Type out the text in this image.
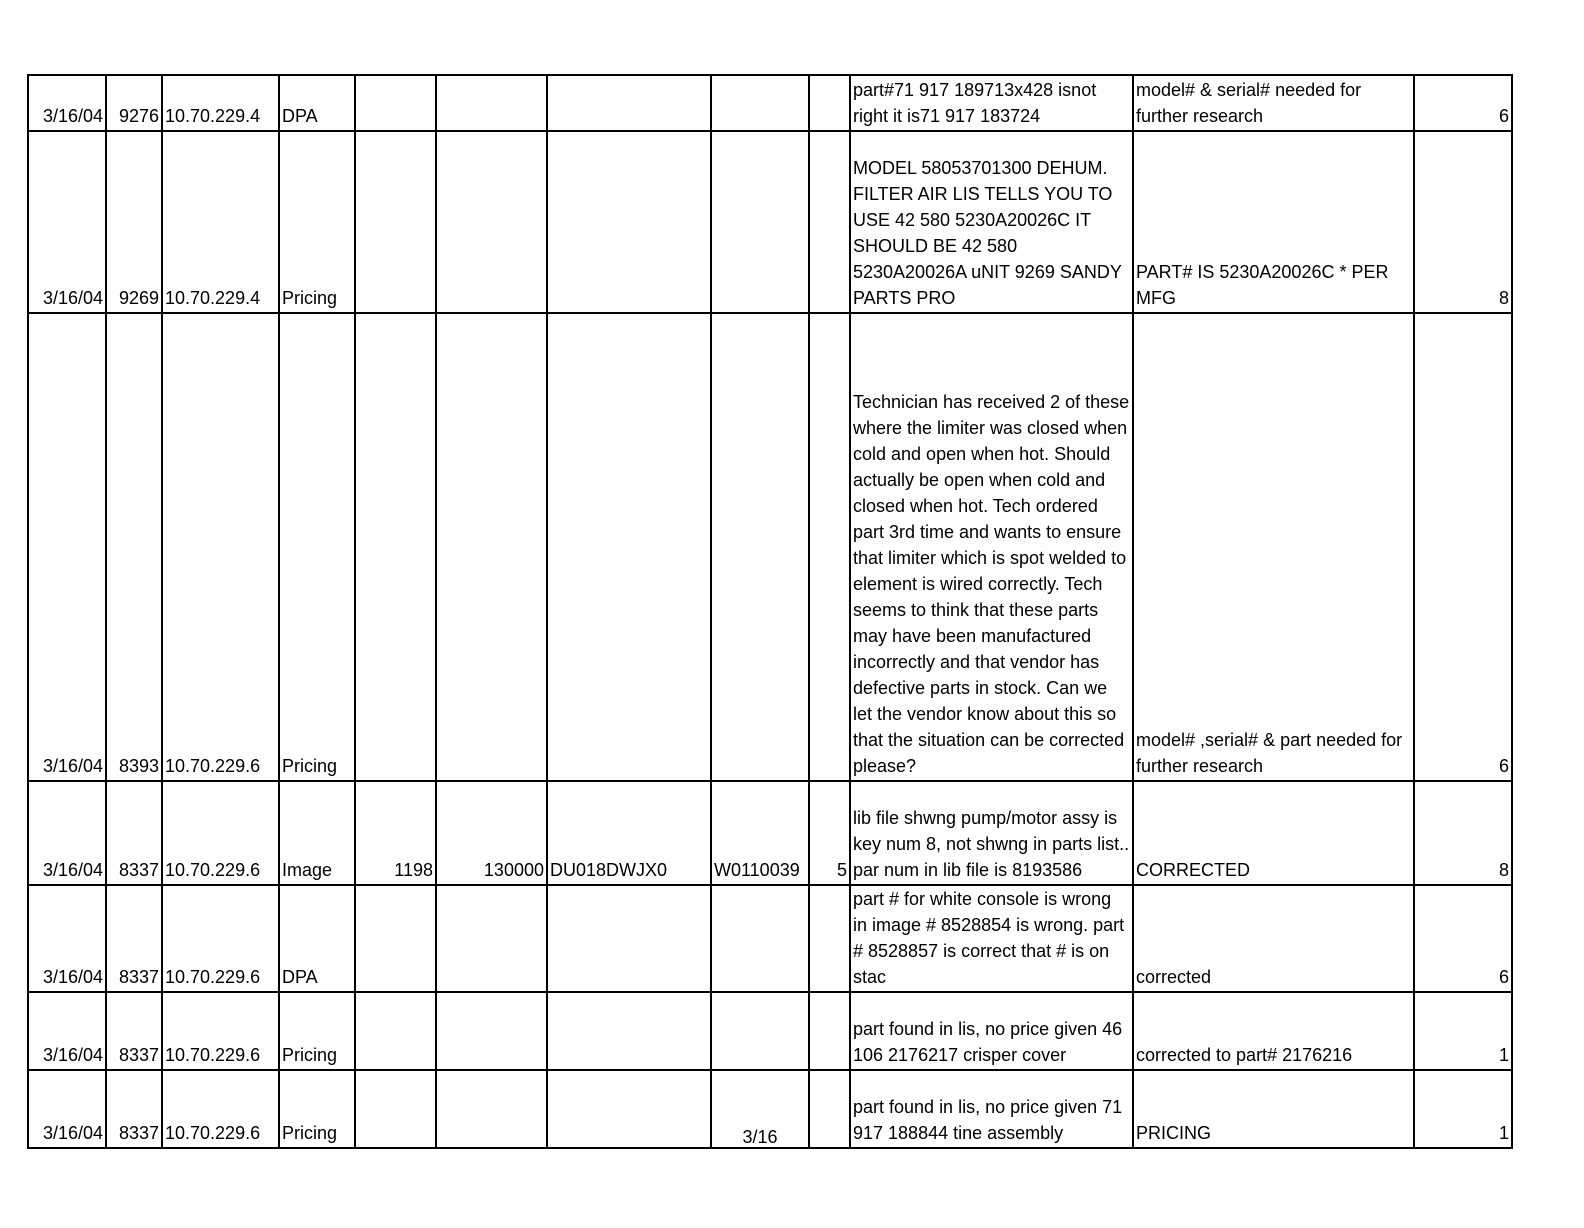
3/16/04	9276	10.70.229.4	DPA						part#71 917 189713x428 isnot right it is71 917 183724	model# & serial# needed for further research	6
3/16/04	9269	10.70.229.4	Pricing						MODEL 58053701300 DEHUM. FILTER AIR LIS TELLS YOU TO USE 42 580 5230A20026C IT SHOULD BE 42 580 5230A20026A uNIT 9269 SANDY PARTS PRO	PART# IS 5230A20026C * PER MFG	8
3/16/04	8393	10.70.229.6	Pricing						Technician has received 2 of these where the limiter was closed when cold and open when hot. Should actually be open when cold and closed when hot. Tech ordered part 3rd time and wants to ensure that limiter which is spot welded to element is wired correctly. Tech seems to think that these parts may have been manufactured incorrectly and that vendor has defective parts in stock. Can we let the vendor know about this so that the situation can be corrected please?	model# ,serial# & part needed for further research	6
3/16/04	8337	10.70.229.6	Image	1198	130000	DU018DWJX0	W0110039	5	lib file shwng pump/motor assy is key num 8, not shwng in parts list.. par num in lib file is 8193586	CORRECTED	8
3/16/04	8337	10.70.229.6	DPA						part # for white console is wrong in image # 8528854 is wrong. part # 8528857 is correct that # is on stac	corrected	6
3/16/04	8337	10.70.229.6	Pricing						part found in lis, no price given 46 106 2176217 crisper cover	corrected to part# 2176216	1
3/16/04	8337	10.70.229.6	Pricing				3/16		part found in lis, no price given 71 917 188844 tine assembly	PRICING	1
